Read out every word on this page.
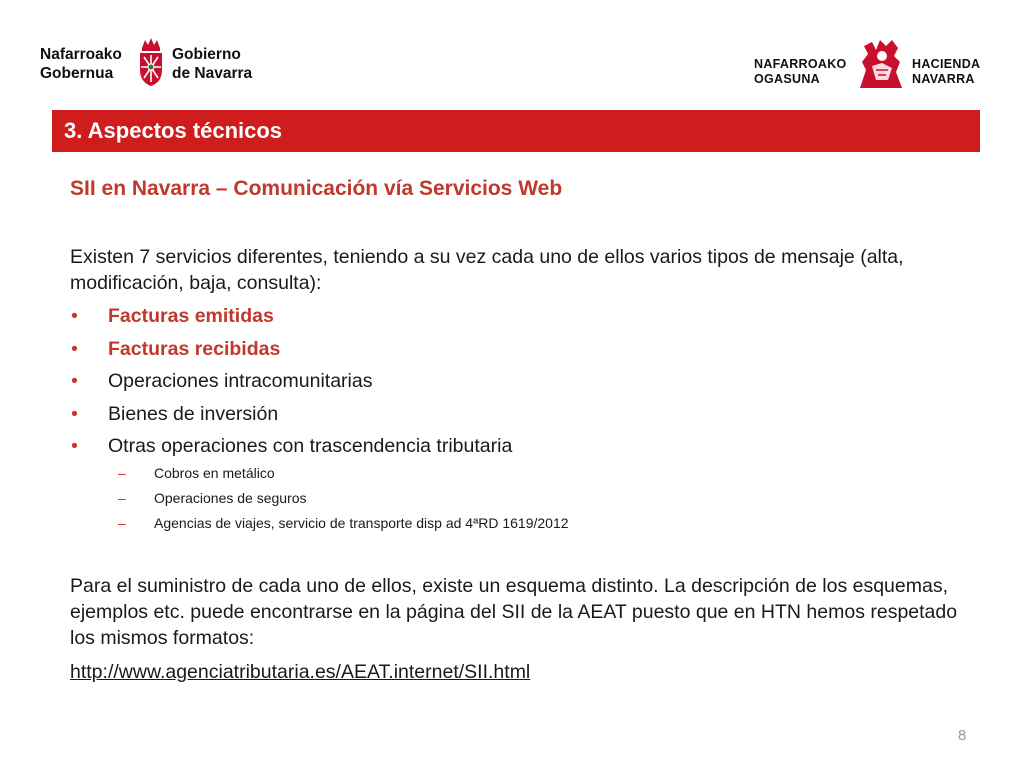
Nafarroako
Gobernua
Gobierno
de Navarra
NAFARROAKO
OGASUNA
HACIENDA
NAVARRA
3. Aspectos técnicos
SII en Navarra – Comunicación vía Servicios Web
Existen 7 servicios diferentes, teniendo a su vez cada uno de ellos varios tipos de mensaje (alta, modificación, baja, consulta):
• Facturas emitidas
• Facturas recibidas
• Operaciones intracomunitarias
• Bienes de inversión
• Otras operaciones con trascendencia tributaria
– Cobros en metálico
– Operaciones de seguros
– Agencias de viajes, servicio de transporte disp ad 4ªRD 1619/2012
Para el suministro de cada uno de ellos, existe un esquema distinto. La descripción de los esquemas, ejemplos etc. puede encontrarse en la página del SII de la AEAT puesto que en HTN hemos respetado los mismos formatos:
http://www.agenciatributaria.es/AEAT.internet/SII.html
8
